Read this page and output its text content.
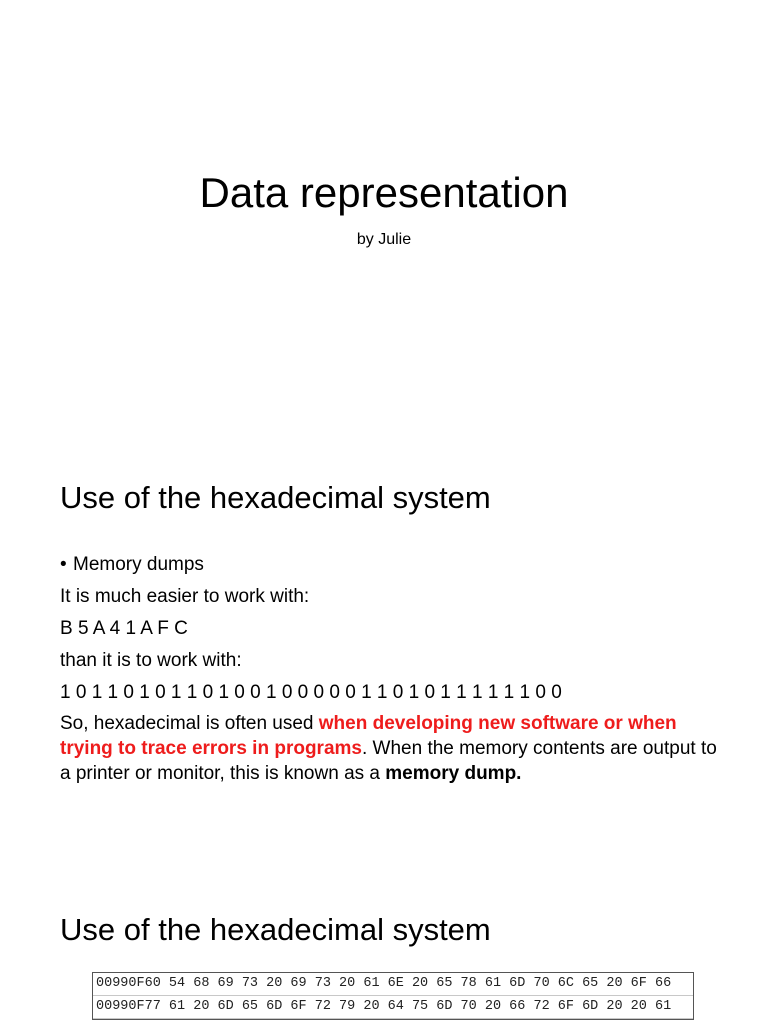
Data representation
by Julie
Use of the hexadecimal system
• Memory dumps
It is much easier to work with:
B 5 A 4 1 A F C
than it is to work with:
1 0 1 1 0 1 0 1 1 0 1 0 0 1 0 0 0 0 0 1 1 0 1 0 1 1 1 1 1 1 0 0
So, hexadecimal is often used when developing new software or when trying to trace errors in programs. When the memory contents are output to a printer or monitor, this is known as a memory dump.
Use of the hexadecimal system
00990F60 54 68 69 73 20 69 73 20 61 6E 20 65 78 61 6D 70 6C 65 20 6F 66
00990F77 61 20 6D 65 6D 6F 72 79 20 64 75 6D 70 20 66 72 6F 6D 20 20 61
